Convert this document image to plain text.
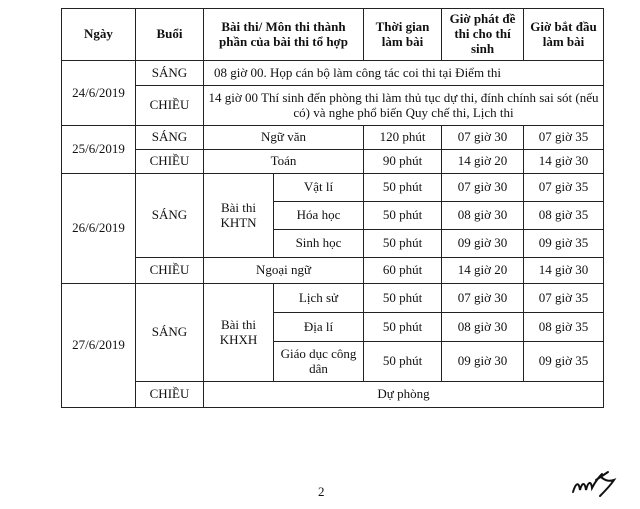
Ngày	Buổi	Bài thi/ Môn thi thành phần của bài thi tổ hợp		Thời gian làm bài	Giờ phát đề thi cho thí sinh	Giờ bắt đầu làm bài
24/6/2019	SÁNG	08 giờ 00. Họp cán bộ làm công tác coi thi tại Điểm thi				
	CHIỀU	14 giờ 00 Thí sinh đến phòng thi làm thủ tục dự thi, đính chính sai sót (nếu có) và nghe phổ biến Quy chế thi, Lịch thi				
25/6/2019	SÁNG	Ngữ văn		120 phút	07 giờ 30	07 giờ 35
	CHIỀU	Toán		90 phút	14 giờ 20	14 giờ 30
26/6/2019	SÁNG	Bài thi KHTN	Vật lí	50 phút	07 giờ 30	07 giờ 35
			Hóa học	50 phút	08 giờ 30	08 giờ 35
			Sinh học	50 phút	09 giờ 30	09 giờ 35
	CHIỀU	Ngoại ngữ		60 phút	14 giờ 20	14 giờ 30
27/6/2019	SÁNG	Bài thi KHXH	Lịch sử	50 phút	07 giờ 30	07 giờ 35
			Địa lí	50 phút	08 giờ 30	08 giờ 35
			Giáo dục công dân	50 phút	09 giờ 30	09 giờ 35
	CHIỀU	Dự phòng				
2
